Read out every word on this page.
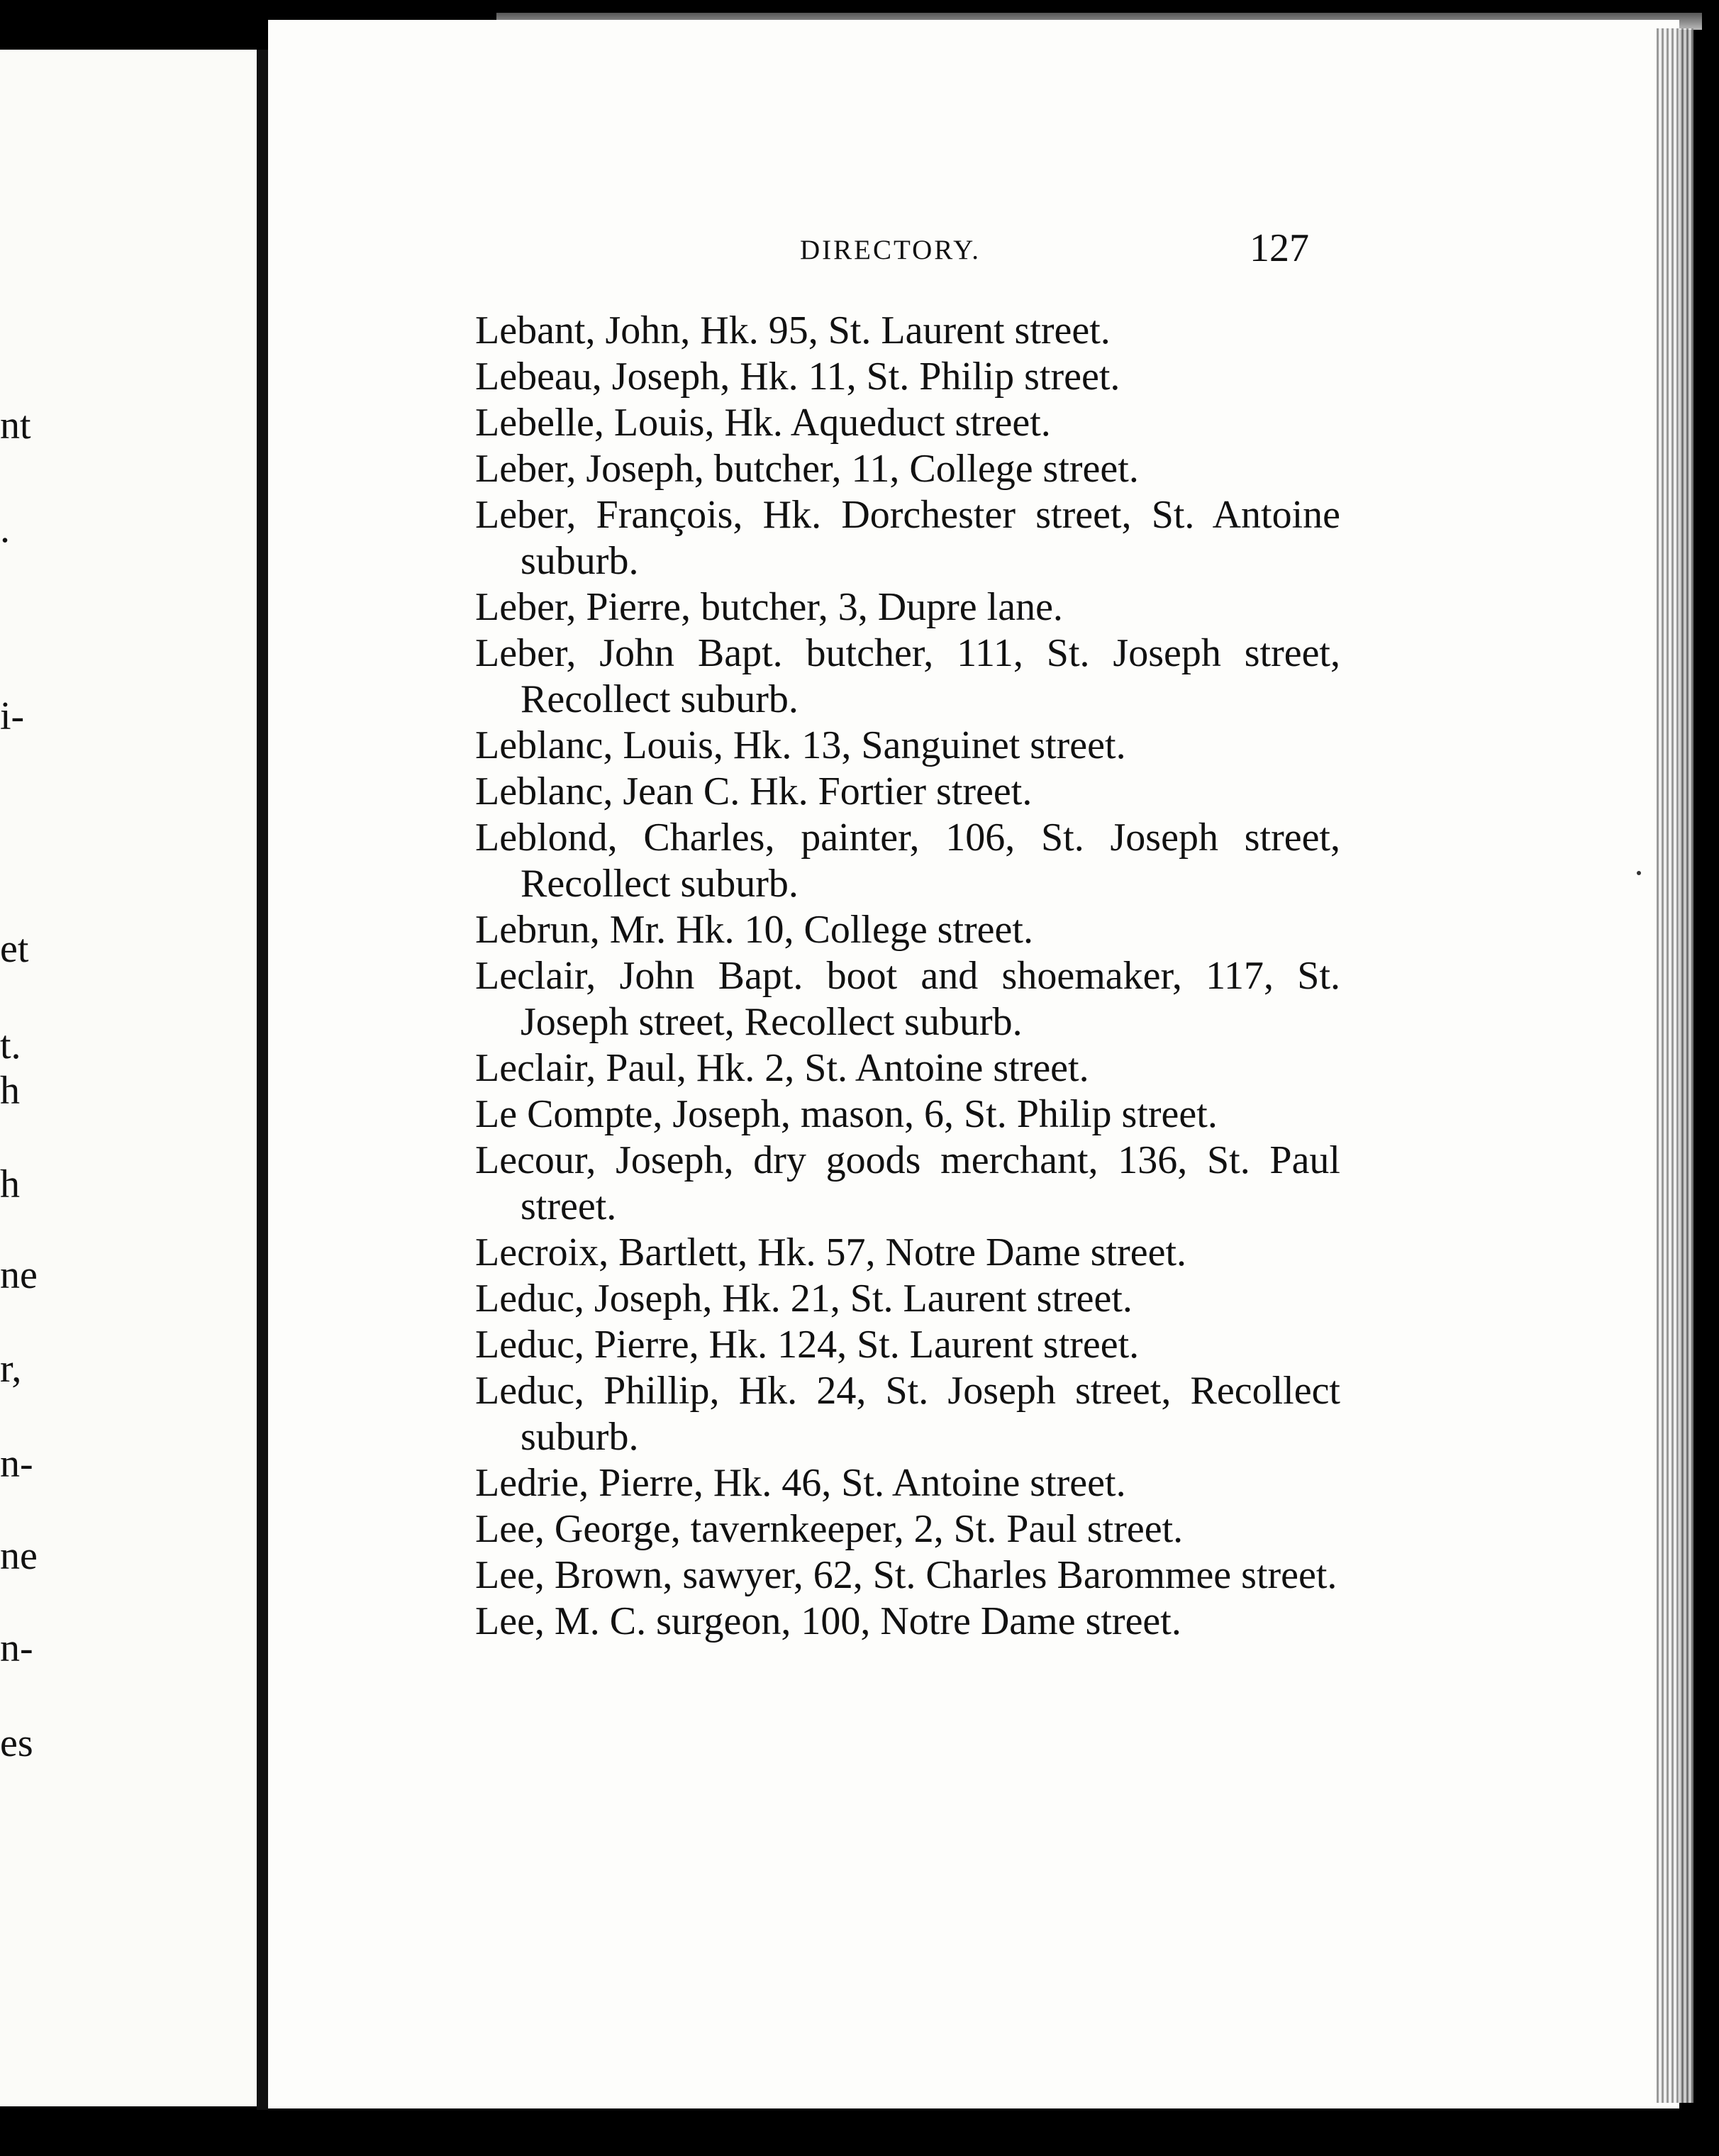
nt
.
i-
et
t.
h
h
ne
r,
n-
ne
n-
es
DIRECTORY.	127
Lebant, John, Hk. 95, St. Laurent street.
Lebeau, Joseph, Hk. 11, St. Philip street.
Lebelle, Louis, Hk. Aqueduct street.
Leber, Joseph, butcher, 11, College street.
Leber, François, Hk. Dorchester street, St. Antoine suburb.
Leber, Pierre, butcher, 3, Dupre lane.
Leber, John Bapt. butcher, 111, St. Joseph street, Recollect suburb.
Leblanc, Louis, Hk. 13, Sanguinet street.
Leblanc, Jean C. Hk. Fortier street.
Leblond, Charles, painter, 106, St. Joseph street, Recollect suburb.
Lebrun, Mr. Hk. 10, College street.
Leclair, John Bapt. boot and shoemaker, 117, St. Joseph street, Recollect suburb.
Leclair, Paul, Hk. 2, St. Antoine street.
Le Compte, Joseph, mason, 6, St. Philip street.
Lecour, Joseph, dry goods merchant, 136, St. Paul street.
Lecroix, Bartlett, Hk. 57, Notre Dame street.
Leduc, Joseph, Hk. 21, St. Laurent street.
Leduc, Pierre, Hk. 124, St. Laurent street.
Leduc, Phillip, Hk. 24, St. Joseph street, Recollect suburb.
Ledrie, Pierre, Hk. 46, St. Antoine street.
Lee, George, tavernkeeper, 2, St. Paul street.
Lee, Brown, sawyer, 62, St. Charles Barommee street.
Lee, M. C. surgeon, 100, Notre Dame street.
